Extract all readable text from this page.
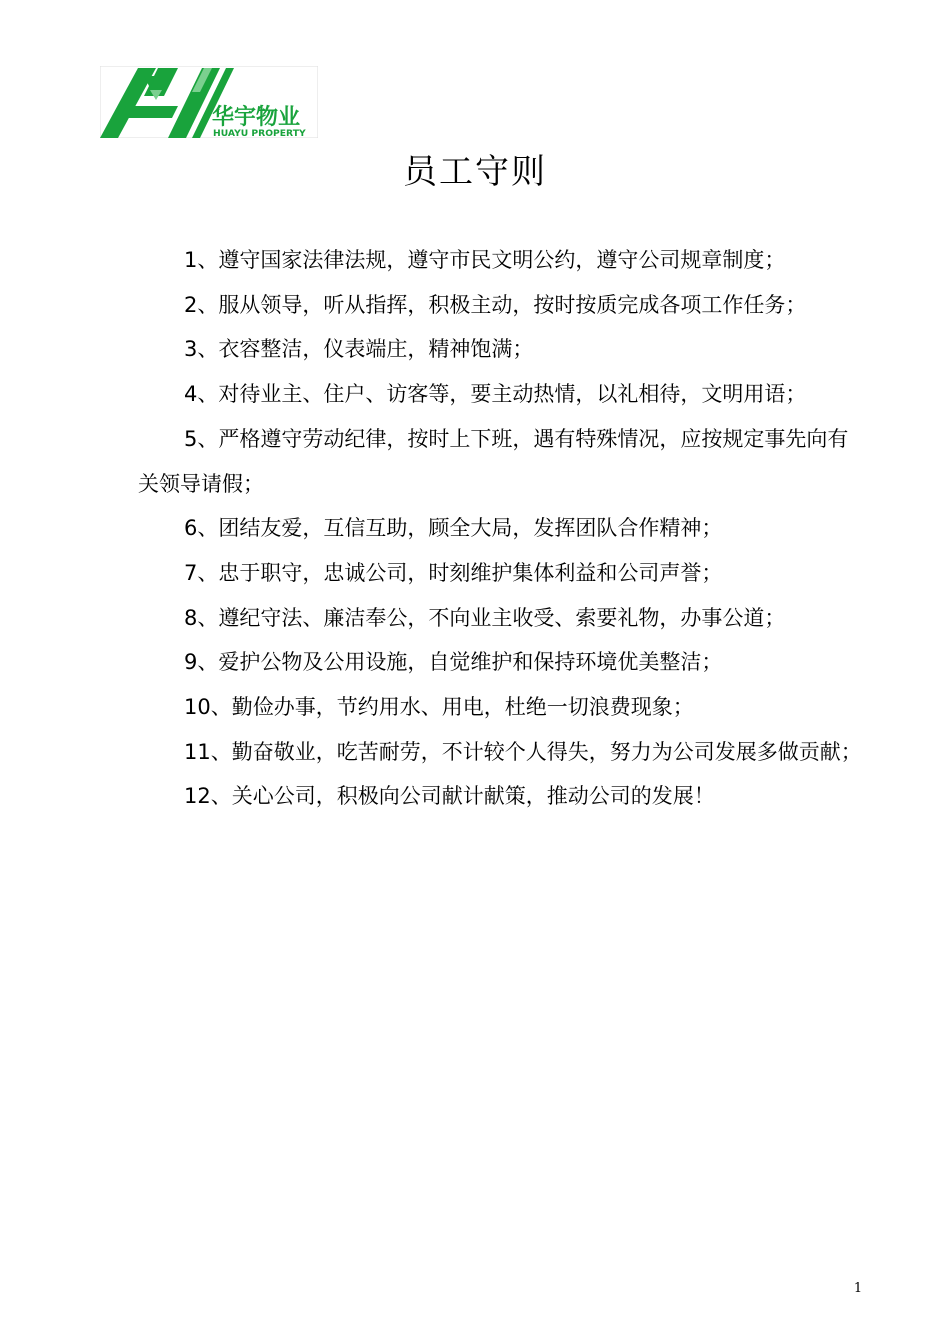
华宇物业
HUAYU PROPERTY
员工守则
1、遵守国家法律法规，遵守市民文明公约，遵守公司规章制度；
2、服从领导，听从指挥，积极主动，按时按质完成各项工作任务；
3、衣容整洁，仪表端庄，精神饱满；
4、对待业主、住户、访客等，要主动热情，以礼相待，文明用语；
5、严格遵守劳动纪律，按时上下班，遇有特殊情况，应按规定事先向有关领导请假；
6、团结友爱，互信互助，顾全大局，发挥团队合作精神；
7、忠于职守，忠诚公司，时刻维护集体利益和公司声誉；
8、遵纪守法、廉洁奉公，不向业主收受、索要礼物，办事公道；
9、爱护公物及公用设施，自觉维护和保持环境优美整洁；
10、勤俭办事，节约用水、用电，杜绝一切浪费现象；
11、勤奋敬业，吃苦耐劳，不计较个人得失，努力为公司发展多做贡献；
12、关心公司，积极向公司献计献策，推动公司的发展！
1
